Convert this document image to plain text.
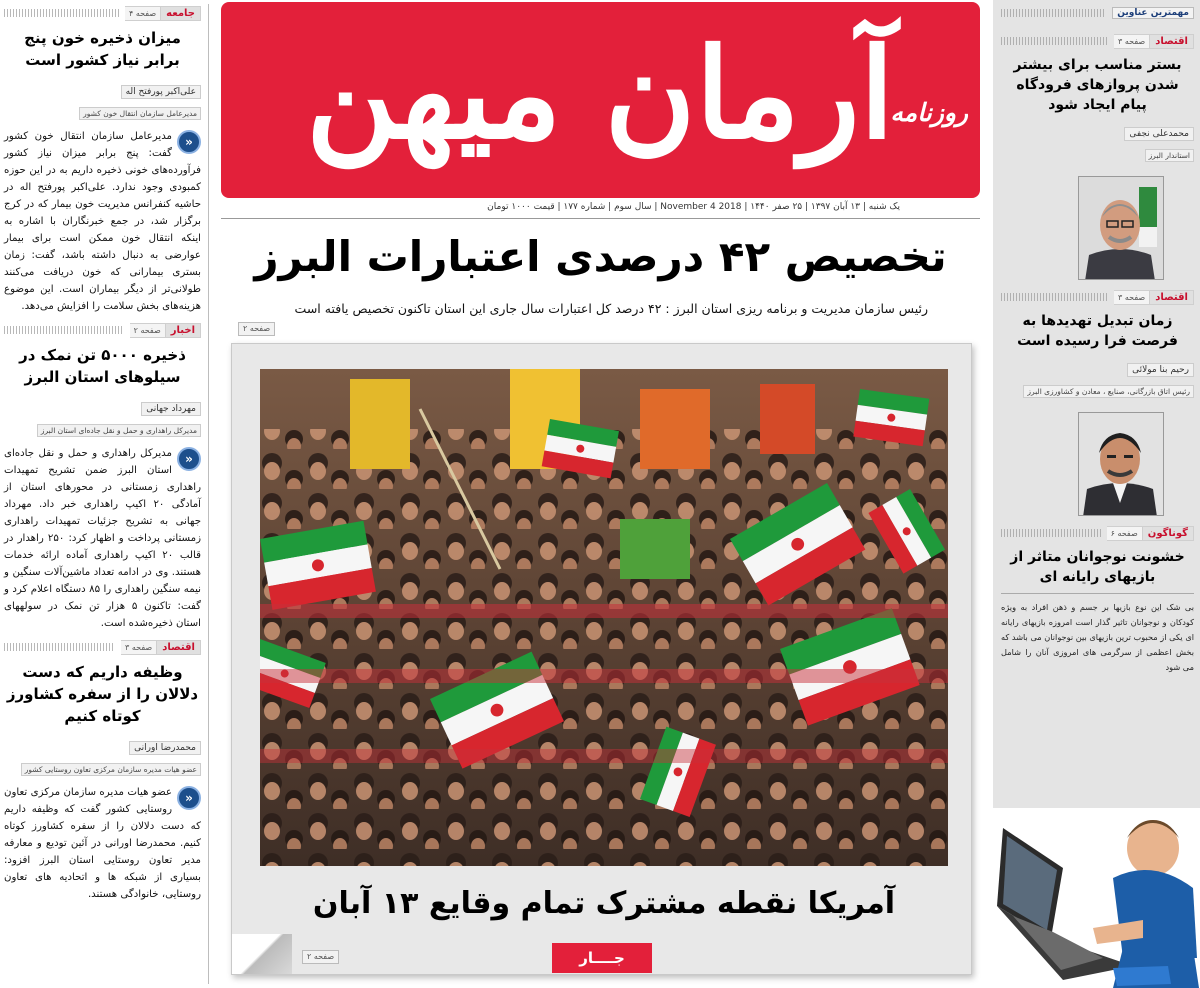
جامعه
صفحه ۴
میزان ذخیره خون پنج برابر نیاز کشور است
علی‌اکبر پورفتح اله
مدیرعامل سازمان انتقال خون کشور
«
مدیرعامل سازمان انتقال خون کشور گفت: پنج برابر میزان نیاز کشور فرآورده‌های خونی ذخیره داریم به در این حوزه کمبودی وجود ندارد. علی‌اکبر پورفتح اله در حاشیه کنفرانس مدیریت خون بیمار که در کرج برگزار شد، در جمع خبرنگاران با اشاره به اینکه انتقال خون ممکن است برای بیمار عوارضی به دنبال داشته باشد، گفت: زمان بستری بیمارانی که خون دریافت می‌کنند طولانی‌تر از دیگر بیماران است. این موضوع هزینه‌های بخش سلامت را افزایش می‌دهد.
اخبار
صفحه ۲
ذخیره ۵۰۰۰ تن نمک در سیلوهای استان البرز
مهرداد جهانی
مدیرکل راهداری و حمل و نقل جاده‌ای استان البرز
«
مدیرکل راهداری و حمل و نقل جاده‌ای استان البرز ضمن تشریح تمهیدات راهداری زمستانی در محورهای استان از آمادگی ۲۰ اکیپ راهداری خبر داد. مهرداد جهانی به تشریح جزئیات تمهیدات راهداری زمستانی پرداخت و اظهار کرد: ۲۵۰ راهدار در قالب ۲۰ اکیپ راهداری آماده ارائه خدمات هستند. وی در ادامه تعداد ماشین‌آلات سنگین و نیمه سنگین راهداری را ۸۵ دستگاه اعلام کرد و گفت: تاکنون ۵ هزار تن نمک در سولههای استان ذخیره‌شده است.
اقتصاد
صفحه ۳
وظیفه داریم که دست دلالان را از سفره کشاورز کوتاه کنیم
محمدرضا اورانی
عضو هیات مدیره سازمان مرکزی تعاون روستایی کشور
«
عضو هیات مدیره سازمان مرکزی تعاون روستایی کشور گفت که وظیفه داریم که دست دلالان را از سفره کشاورز کوتاه کنیم. محمدرضا اورانی در آئین تودیع و معارفه مدیر تعاون روستایی استان البرز افزود: بسیاری از شبکه ها و اتحادیه های تعاون روستایی، خانوادگی هستند.
آرمان میهن
روزنامه
یک شنبه | ۱۳ آبان ۱۳۹۷ | ۲۵ صفر ۱۴۴۰ | 2018 November 4 | سال سوم | شماره ۱۷۷ | قیمت ۱۰۰۰ تومان
تخصیص ۴۲ درصدی اعتبارات البرز
رئیس سازمان مدیریت و برنامه ریزی استان البرز : ۴۲ درصد کل اعتبارات سال جاری این استان تاکنون تخصیص یافته است
صفحه ۲
آمریکا نقطه مشترک تمام وقایع ۱۳ آبان
صفحه ۲	جــــار
مهمترین عناوین
اقتصاد
صفحه ۳
بستر مناسب برای بیشتر شدن پروازهای فرودگاه پیام ایجاد شود
محمدعلی نجفی
استاندار البرز
اقتصاد
صفحه ۳
زمان تبدیل تهدیدها به فرصت فرا رسیده است
رحیم بنا مولائی
رئیس اتاق بازرگانی، صنایع ، معادن و کشاورزی البرز
گوناگون
صفحه ۶
خشونت نوجوانان متاثر از بازیهای رایانه ای
بی شک این نوع بازیها بر جسم و ذهن افراد به ویژه کودکان و نوجوانان تاثیر گذار است امروزه بازیهای رایانه ای یکی از محبوب ترین بازیهای بین نوجوانان می باشد که بخش اعظمی از سرگرمی های امروزی آنان را شامل می شود
